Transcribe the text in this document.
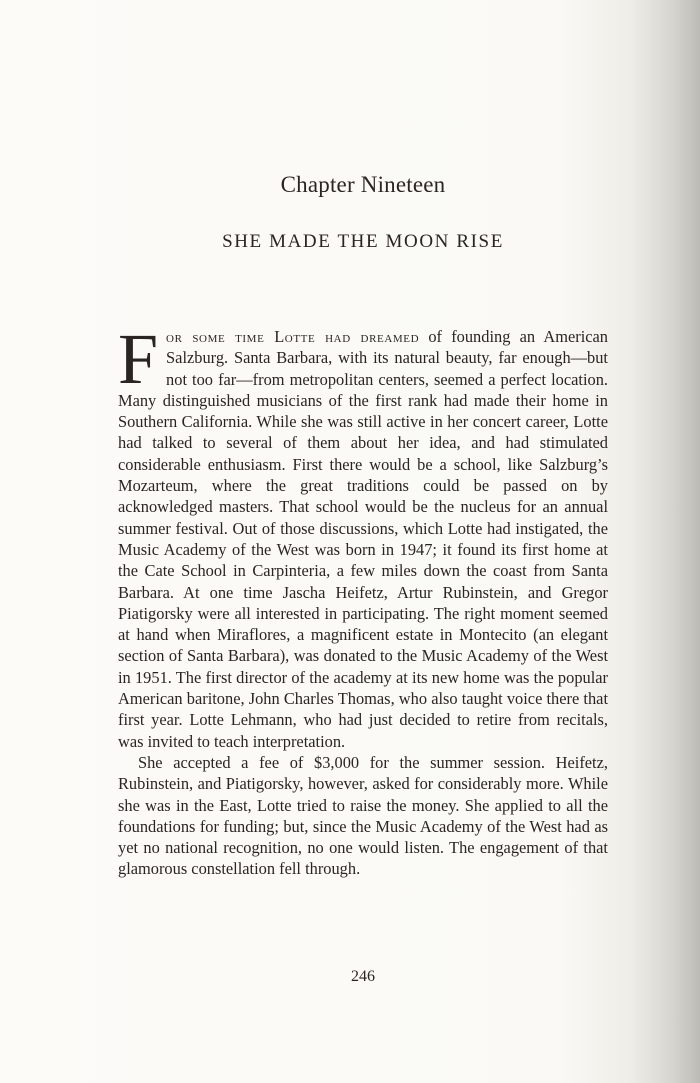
Chapter Nineteen
SHE MADE THE MOON RISE

For some time Lotte had dreamed of founding an American Salzburg. Santa Barbara, with its natural beauty, far enough—but not too far—from metropolitan centers, seemed a perfect location. Many distinguished musicians of the first rank had made their home in Southern California. While she was still active in her concert career, Lotte had talked to several of them about her idea, and had stimulated considerable enthusiasm. First there would be a school, like Salzburg’s Mozarteum, where the great traditions could be passed on by acknowledged masters. That school would be the nucleus for an annual summer festival. Out of those discussions, which Lotte had instigated, the Music Academy of the West was born in 1947; it found its first home at the Cate School in Carpinteria, a few miles down the coast from Santa Barbara. At one time Jascha Heifetz, Artur Rubinstein, and Gregor Piatigorsky were all interested in participating. The right moment seemed at hand when Miraflores, a magnificent estate in Montecito (an elegant section of Santa Barbara), was donated to the Music Academy of the West in 1951. The first director of the academy at its new home was the popular American baritone, John Charles Thomas, who also taught voice there that first year. Lotte Lehmann, who had just decided to retire from recitals, was invited to teach interpretation.

She accepted a fee of $3,000 for the summer session. Heifetz, Rubinstein, and Piatigorsky, however, asked for considerably more. While she was in the East, Lotte tried to raise the money. She applied to all the foundations for funding; but, since the Music Academy of the West had as yet no national recognition, no one would listen. The engagement of that glamorous constellation fell through.

246
